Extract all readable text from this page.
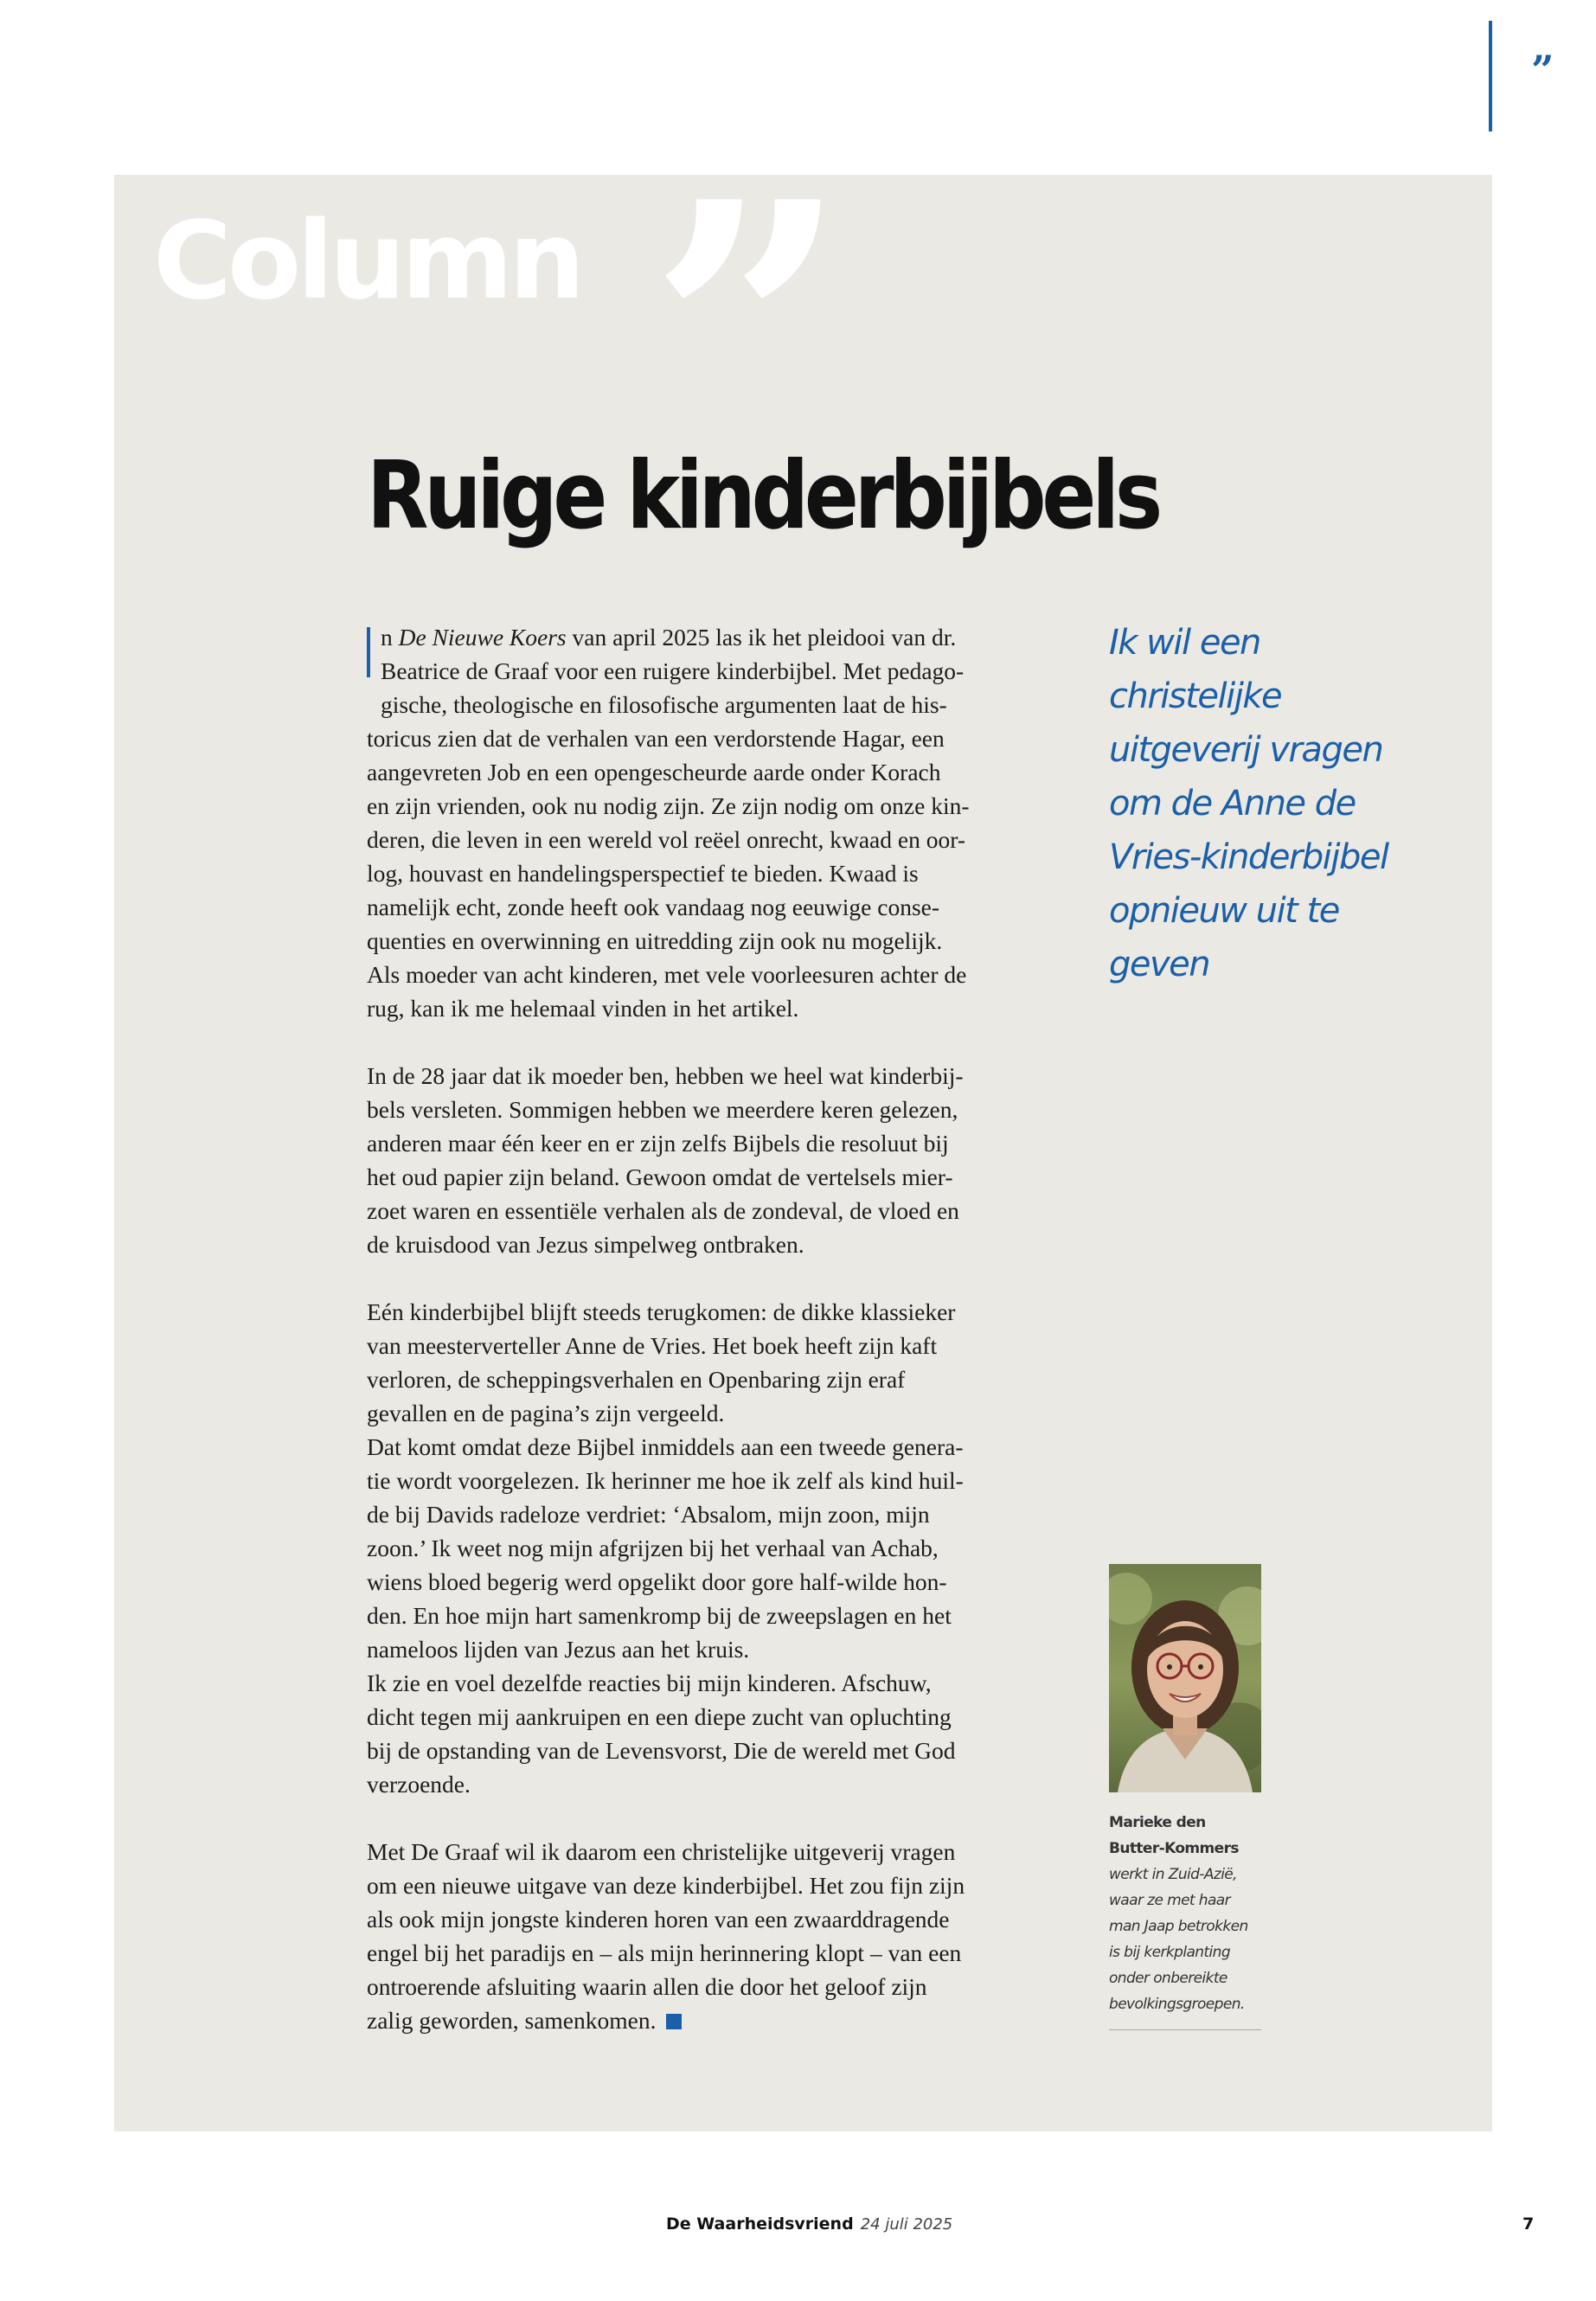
”
”
Column
Ruige kinderbijbels

n De Nieuwe Koers van april 2025 las ik het pleidooi van dr.
Beatrice de Graaf voor een ruigere kinderbijbel. Met pedago-
gische, theologische en filosofische argumenten laat de his-
toricus zien dat de verhalen van een verdorstende Hagar, een
aangevreten Job en een opengescheurde aarde onder Korach
en zijn vrienden, ook nu nodig zijn. Ze zijn nodig om onze kin-
deren, die leven in een wereld vol reëel onrecht, kwaad en oor-
log, houvast en handelingsperspectief te bieden. Kwaad is
namelijk echt, zonde heeft ook vandaag nog eeuwige conse-
quenties en overwinning en uitredding zijn ook nu mogelijk.
Als moeder van acht kinderen, met vele voorleesuren achter de
rug, kan ik me helemaal vinden in het artikel.

In de 28 jaar dat ik moeder ben, hebben we heel wat kinderbij-
bels versleten. Sommigen hebben we meerdere keren gelezen,
anderen maar één keer en er zijn zelfs Bijbels die resoluut bij
het oud papier zijn beland. Gewoon omdat de vertelsels mier-
zoet waren en essentiële verhalen als de zondeval, de vloed en
de kruisdood van Jezus simpelweg ontbraken.

Eén kinderbijbel blijft steeds terugkomen: de dikke klassieker
van meesterverteller Anne de Vries. Het boek heeft zijn kaft
verloren, de scheppingsverhalen en Openbaring zijn eraf
gevallen en de pagina’s zijn vergeeld.
Dat komt omdat deze Bijbel inmiddels aan een tweede genera-
tie wordt voorgelezen. Ik herinner me hoe ik zelf als kind huil-
de bij Davids radeloze verdriet: ‘Absalom, mijn zoon, mijn
zoon.’ Ik weet nog mijn afgrijzen bij het verhaal van Achab,
wiens bloed begerig werd opgelikt door gore half-wilde hon-
den. En hoe mijn hart samenkromp bij de zweepslagen en het
nameloos lijden van Jezus aan het kruis.
Ik zie en voel dezelfde reacties bij mijn kinderen. Afschuw,
dicht tegen mij aankruipen en een diepe zucht van opluchting
bij de opstanding van de Levensvorst, Die de wereld met God
verzoende.

Met De Graaf wil ik daarom een christelijke uitgeverij vragen
om een nieuwe uitgave van deze kinderbijbel. Het zou fijn zijn
als ook mijn jongste kinderen horen van een zwaarddragende
engel bij het paradijs en – als mijn herinnering klopt – van een
ontroerende afsluiting waarin allen die door het geloof zijn
zalig geworden, samenkomen.

Ik wil een
christelijke
uitgeverij vragen
om de Anne de
Vries-kinderbijbel
opnieuw uit te
geven
Marieke den
Butter-Kommers
werkt in Zuid-Azië,
waar ze met haar
man Jaap betrokken
is bij kerkplanting
onder onbereikte
bevolkingsgroepen.
De Waarheidsvriend 24 juli 2025	7
